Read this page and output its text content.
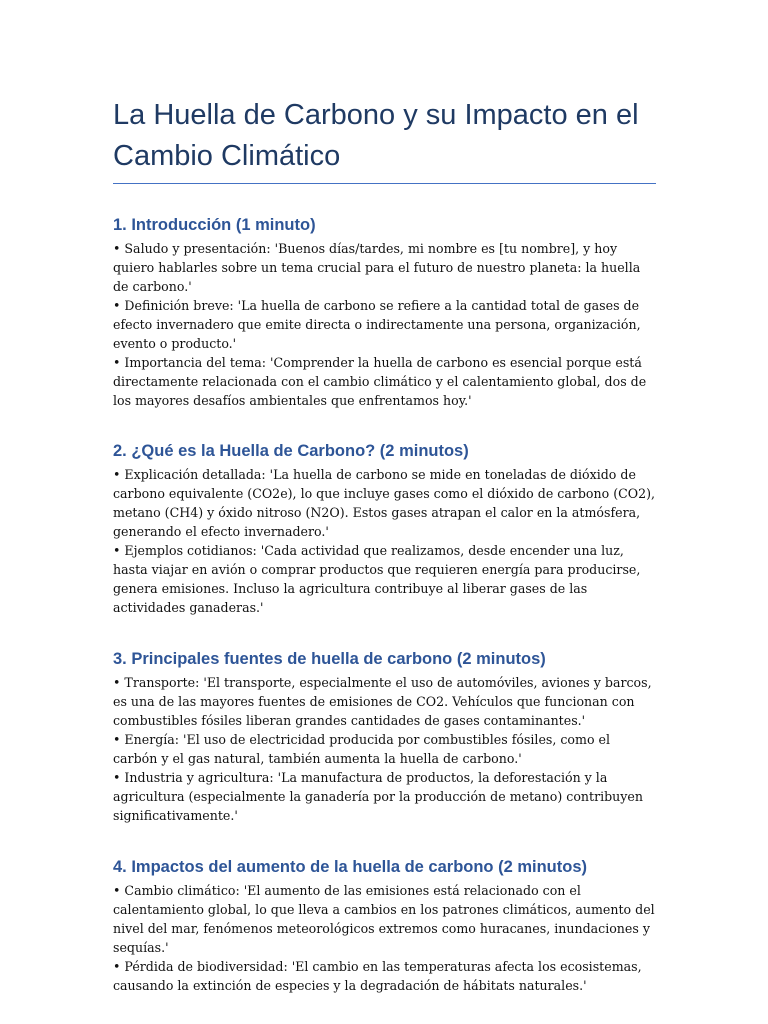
La Huella de Carbono y su Impacto en el Cambio Climático
1. Introducción (1 minuto)

• Saludo y presentación: 'Buenos días/tardes, mi nombre es [tu nombre], y hoy quiero hablarles sobre un tema crucial para el futuro de nuestro planeta: la huella de carbono.'
• Definición breve: 'La huella de carbono se refiere a la cantidad total de gases de efecto invernadero que emite directa o indirectamente una persona, organización, evento o producto.'
• Importancia del tema: 'Comprender la huella de carbono es esencial porque está directamente relacionada con el cambio climático y el calentamiento global, dos de los mayores desafíos ambientales que enfrentamos hoy.'

2. ¿Qué es la Huella de Carbono? (2 minutos)

• Explicación detallada: 'La huella de carbono se mide en toneladas de dióxido de carbono equivalente (CO2e), lo que incluye gases como el dióxido de carbono (CO2), metano (CH4) y óxido nitroso (N2O). Estos gases atrapan el calor en la atmósfera, generando el efecto invernadero.'
• Ejemplos cotidianos: 'Cada actividad que realizamos, desde encender una luz, hasta viajar en avión o comprar productos que requieren energía para producirse, genera emisiones. Incluso la agricultura contribuye al liberar gases de las actividades ganaderas.'

3. Principales fuentes de huella de carbono (2 minutos)

• Transporte: 'El transporte, especialmente el uso de automóviles, aviones y barcos, es una de las mayores fuentes de emisiones de CO2. Vehículos que funcionan con combustibles fósiles liberan grandes cantidades de gases contaminantes.'
• Energía: 'El uso de electricidad producida por combustibles fósiles, como el carbón y el gas natural, también aumenta la huella de carbono.'
• Industria y agricultura: 'La manufactura de productos, la deforestación y la agricultura (especialmente la ganadería por la producción de metano) contribuyen significativamente.'

4. Impactos del aumento de la huella de carbono (2 minutos)

• Cambio climático: 'El aumento de las emisiones está relacionado con el calentamiento global, lo que lleva a cambios en los patrones climáticos, aumento del nivel del mar, fenómenos meteorológicos extremos como huracanes, inundaciones y sequías.'
• Pérdida de biodiversidad: 'El cambio en las temperaturas afecta los ecosistemas, causando la extinción de especies y la degradación de hábitats naturales.'
